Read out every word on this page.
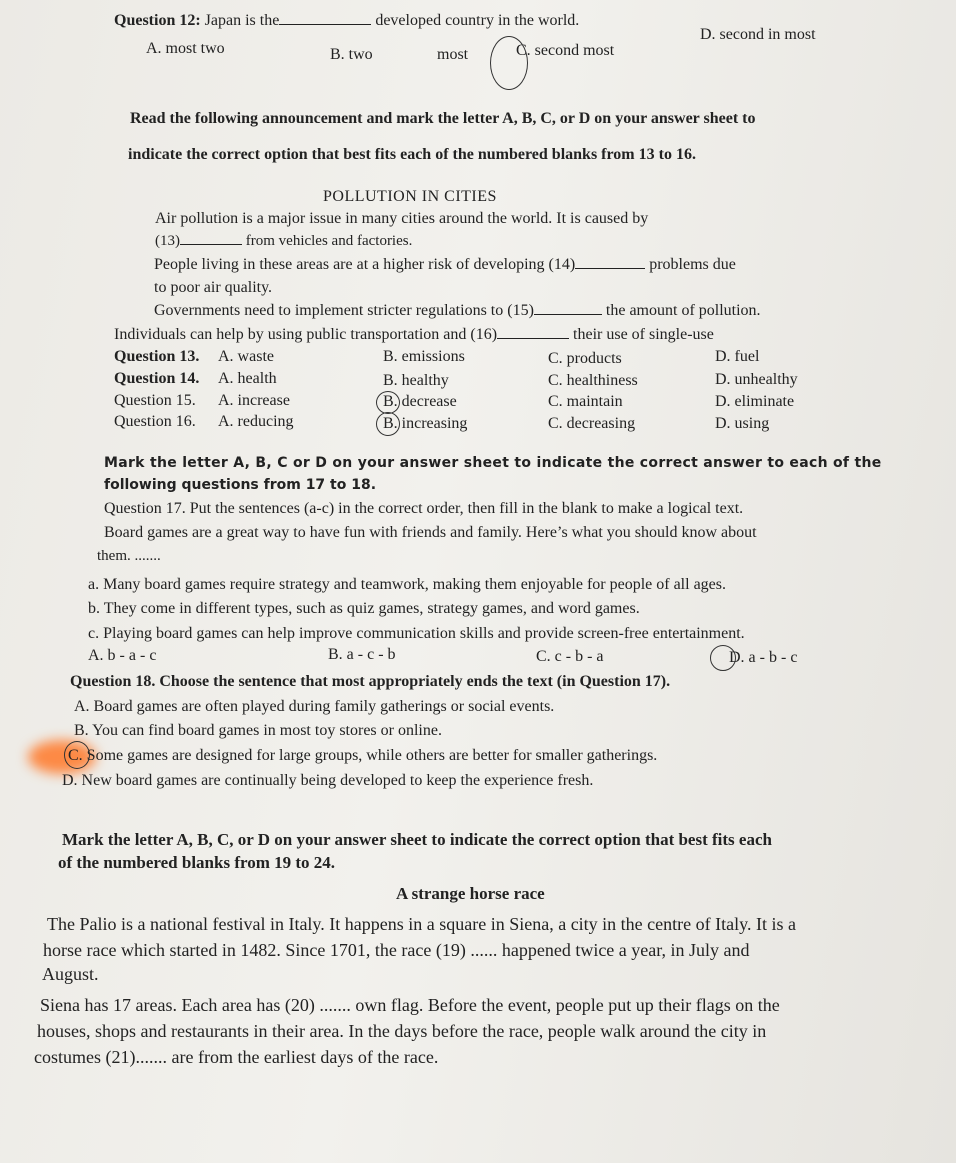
Question 12: Japan is the	developed country in the world.
A. most two	B. two	most	C. second most
D. second in most
Read the following announcement and mark the letter A, B, C, or D on your answer sheet to
indicate the correct option that best fits each of the numbered blanks from 13 to 16.
POLLUTION IN CITIES
Air pollution is a major issue in many cities around the world. It is caused by
(13)	from vehicles and factories.
People living in these areas are at a higher risk of developing (14)	problems due
to poor air quality.
Governments need to implement stricter regulations to (15)	the amount of pollution.
Individuals can help by using public transportation and (16)	their use of single-use
Question 13. A. waste	B. emissions	C. products	D. fuel
Question 14. A. health	B. healthy	C. healthiness	D. unhealthy
Question 15. A. increase	B. decrease	C. maintain	D. eliminate
Question 16. A. reducing	B. increasing	C. decreasing	D. using
Mark the letter A, B, C or D on your answer sheet to indicate the correct answer to each of the
following questions from 17 to 18.
Question 17. Put the sentences (a-c) in the correct order, then fill in the blank to make a logical text.
Board games are a great way to have fun with friends and family. Here’s what you should know about
them. .......
a. Many board games require strategy and teamwork, making them enjoyable for people of all ages.
b. They come in different types, such as quiz games, strategy games, and word games.
c. Playing board games can help improve communication skills and provide screen-free entertainment.
A. b - a - c	B. a - c - b	C. c - b - a	D. a - b - c
Question 18. Choose the sentence that most appropriately ends the text (in Question 17).
A. Board games are often played during family gatherings or social events.
B. You can find board games in most toy stores or online.
C. Some games are designed for large groups, while others are better for smaller gatherings.
D. New board games are continually being developed to keep the experience fresh.
Mark the letter A, B, C, or D on your answer sheet to indicate the correct option that best fits each
of the numbered blanks from 19 to 24.
A strange horse race
The Palio is a national festival in Italy. It happens in a square in Siena, a city in the centre of Italy. It is a
horse race which started in 1482. Since 1701, the race (19) ...... happened twice a year, in July and
August.
Siena has 17 areas. Each area has (20) ....... own flag. Before the event, people put up their flags on the
houses, shops and restaurants in their area. In the days before the race, people walk around the city in
costumes (21)....... are from the earliest days of the race.
